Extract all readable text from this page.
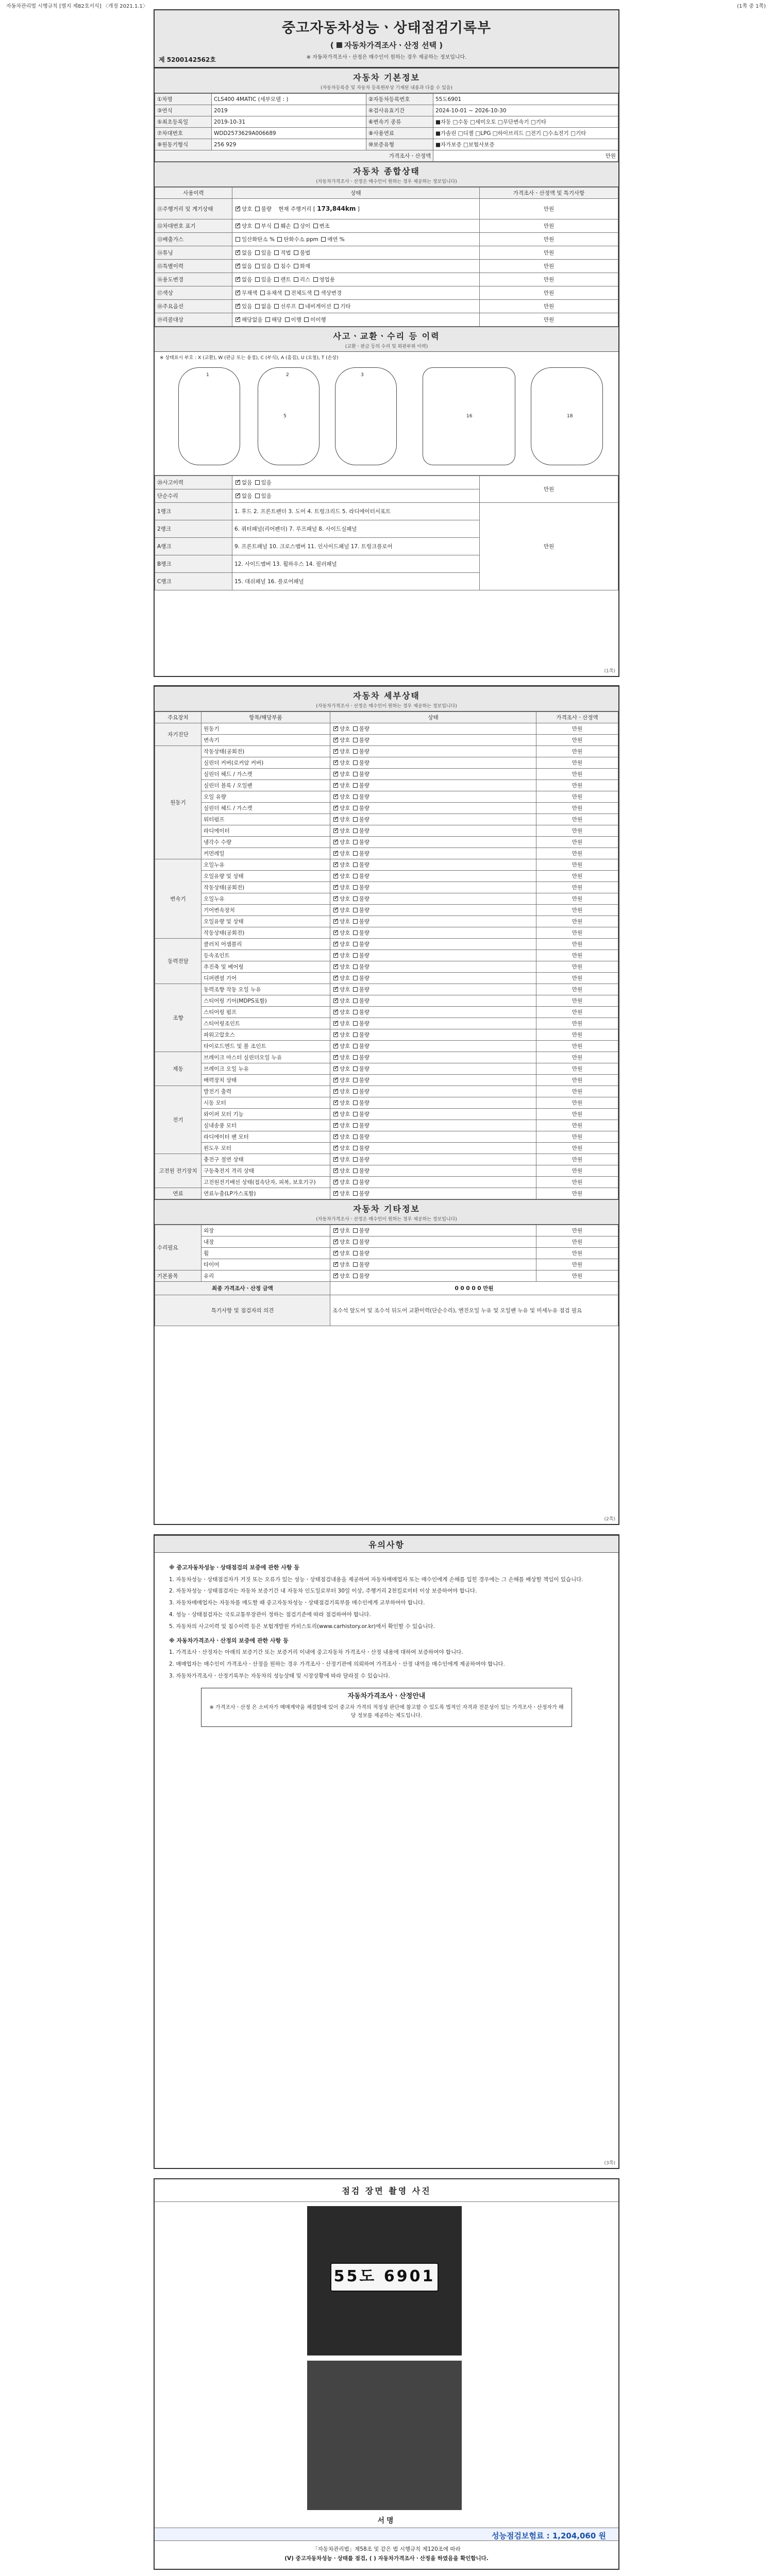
자동차관리법 시행규칙 [별지 제82호서식] 〈개정 2021.1.1〉	(1쪽 중 1쪽)
중고자동차성능ㆍ상태점검기록부
( 자동차가격조사ㆍ산정 선택 )
※ 자동차가격조사ㆍ산정은 매수인이 원하는 경우 제공하는 정보입니다.
제 5200142562호
자동차 기본정보
(자동차등록증 및 자동차 등록원부상 기재된 내용과 다를 수 있음)
①차명	CLS400 4MATIC (세부모델 : )	②자동차등록번호	55도6901
③연식	2019	④검사유효기간	2024-10-01 ~ 2026-10-30
⑤최초등록일	2019-10-31	⑥변속기 종류	■자동 □수동 □세미오토 □무단변속기 □기타
⑦차대번호	WDD2573629A006689	⑧사용연료	■가솔린 □디젤 □LPG □하이브리드 □전기 □수소전기 □기타
⑨원동기형식	256 929	⑩보증유형	■자가보증 □보험사보증
가격조사ㆍ산정액			만원
자동차 종합상태
(자동차가격조사ㆍ산정은 매수인이 원하는 경우 제공하는 정보입니다)
사용이력	상태	가격조사ㆍ산정액 및 특기사항
⑪주행거리 및 계기상태	✓양호 불량    현재 주행거리 [ 173,844km ]	만원
⑫차대번호 표기	✓양호 부식 훼손 상이 변조	만원
⑬배출가스	일산화탄소 % 탄화수소 ppm 매연 %	만원
⑭튜닝	✓없음 있음 적법 불법	만원
⑮특별이력	✓없음 있음 침수 화재	만원
⑯용도변경	✓없음 있음 렌트 리스 영업용	만원
⑰색상	✓무채색 유채색 전체도색 색상변경	만원
⑱주요옵션	✓있음 없음 선루프 네비게이션 기타	만원
⑲리콜대상	✓해당없음 해당 이행 미이행	만원
사고ㆍ교환ㆍ수리 등 이력
(교환ㆍ판금 등의 수리 및 외판부위 이력)
※ 상태표시 부호 : X (교환), W (판금 또는 용접), C (부식), A (흠집), U (요철), T (손상)
1	2	3
5	16	18
⑳사고이력	✓없음 있음	만원
단순수리	✓없음 있음
1랭크	1. 후드 2. 프론트펜더 3. 도어 4. 트렁크리드 5. 라디에이터서포트	만원
2랭크	6. 쿼터패널(리어펜더) 7. 루프패널 8. 사이드실패널	
A랭크	9. 프론트패널 10. 크로스멤버 11. 인사이드패널 17. 트렁크플로어	
B랭크	12. 사이드멤버 13. 휠하우스 14. 필러패널	
C랭크	15. 대쉬패널 16. 플로어패널	
(1쪽)
자동차 세부상태
(자동차가격조사ㆍ산정은 매수인이 원하는 경우 제공하는 정보입니다)
주요장치	항목/해당부품	상태	가격조사ㆍ산정액
자기진단	원동기	✓양호 불량	만원
	변속기	✓양호 불량	만원
원동기	작동상태(공회전)	✓양호 불량	만원
	실린더 커버(로커암 커버)	✓양호 불량	만원
	실린더 헤드 / 가스켓	✓양호 불량	만원
	실린더 블록 / 오일팬	✓양호 불량	만원
	오일 유량	✓양호 불량	만원
	실린더 헤드 / 가스켓	✓양호 불량	만원
	워터펌프	✓양호 불량	만원
	라디에이터	✓양호 불량	만원
	냉각수 수량	✓양호 불량	만원
	커먼레일	✓양호 불량	만원
변속기	오일누유	✓양호 불량	만원
	오일유량 및 상태	✓양호 불량	만원
	작동상태(공회전)	✓양호 불량	만원
	오일누유	✓양호 불량	만원
	기어변속장치	✓양호 불량	만원
	오일유량 및 상태	✓양호 불량	만원
	작동상태(공회전)	✓양호 불량	만원
동력전달	클러치 어셈블리	✓양호 불량	만원
	등속조인트	✓양호 불량	만원
	추진축 및 베어링	✓양호 불량	만원
	디퍼렌셜 기어	✓양호 불량	만원
조향	동력조향 작동 오일 누유	✓양호 불량	만원
	스티어링 기어(MDPS포함)	✓양호 불량	만원
	스티어링 펌프	✓양호 불량	만원
	스티어링조인트	✓양호 불량	만원
	파워고압호스	✓양호 불량	만원
	타이로드엔드 및 볼 조인트	✓양호 불량	만원
제동	브레이크 마스터 실린더오일 누유	✓양호 불량	만원
	브레이크 오일 누유	✓양호 불량	만원
	배력장치 상태	✓양호 불량	만원
전기	발전기 출력	✓양호 불량	만원
	시동 모터	✓양호 불량	만원
	와이퍼 모터 기능	✓양호 불량	만원
	실내송풍 모터	✓양호 불량	만원
	라디에이터 팬 모터	✓양호 불량	만원
	윈도우 모터	✓양호 불량	만원
고전원 전기장치	충전구 절연 상태	✓양호 불량	만원
	구동축전지 격리 상태	✓양호 불량	만원
	고전원전기배선 상태(접속단자, 피복, 보호기구)	✓양호 불량	만원
연료	연료누출(LP가스포함)	✓양호 불량	만원
자동차 기타정보
(자동차가격조사ㆍ산정은 매수인이 원하는 경우 제공하는 정보입니다)
수리필요	외장	✓양호 불량	만원
	내장	✓양호 불량	만원
	휠	✓양호 불량	만원
	타이어	✓양호 불량	만원
기본품목	유리	✓양호 불량	만원
최종 가격조사ㆍ산정 금액		0 0 0 0 0 만원	
특기사항 및 점검자의 의견		조수석 앞도어 및 조수석 뒤도어 교환이력(단순수리), 엔진오일 누유 및 오일팬 누유 및 미세누유 점검 필요	
(2쪽)
유의사항
※ 중고자동차성능ㆍ상태점검의 보증에 관한 사항 등

1. 자동차성능ㆍ상태점검자가 거짓 또는 오류가 있는 성능ㆍ상태점검내용을 제공하여 자동차매매업자 또는 매수인에게 손해를 입힌 경우에는 그 손해를 배상할 책임이 있습니다.

2. 자동차성능ㆍ상태점검자는 자동차 보증기간 내 자동차 인도일로부터 30일 이상, 주행거리 2천킬로미터 이상 보증하여야 합니다.

3. 자동차매매업자는 자동차를 매도할 때 중고자동차성능ㆍ상태점검기록부를 매수인에게 교부하여야 합니다.

4. 성능ㆍ상태점검자는 국토교통부장관이 정하는 점검기준에 따라 점검하여야 합니다.

5. 자동차의 사고이력 및 침수이력 등은 보험개발원 카히스토리(www.carhistory.or.kr)에서 확인할 수 있습니다.

※ 자동차가격조사ㆍ산정의 보증에 관한 사항 등

1. 가격조사ㆍ산정자는 아래의 보증기간 또는 보증거리 이내에 중고자동차 가격조사ㆍ산정 내용에 대하여 보증하여야 합니다.

2. 매매업자는 매수인이 가격조사ㆍ산정을 원하는 경우 가격조사ㆍ산정기관에 의뢰하여 가격조사ㆍ산정 내역을 매수인에게 제공하여야 합니다.

3. 자동차가격조사ㆍ산정기록부는 자동차의 성능상태 및 시장상황에 따라 달라질 수 있습니다.

자동차가격조사ㆍ산정안내

※ 가격조사ㆍ산정 은 소비자가 매매계약을 체결함에 있어 중고차 가격의 적정성 판단에 참고할 수 있도록 법적인 자격과 전문성이 있는 가격조사ㆍ산정자가 해당 정보를 제공하는 제도입니다.

(3쪽)
점검 장면 촬영 사진
55도 6901
서명
성능점검보험료 : 1,204,060 원
「자동차관리법」제58조 및 같은 법 시행규칙 제120조에 따라
(V) 중고자동차성능ㆍ상태를 점검, ( ) 자동차가격조사ㆍ산정을 하였음을 확인합니다.
